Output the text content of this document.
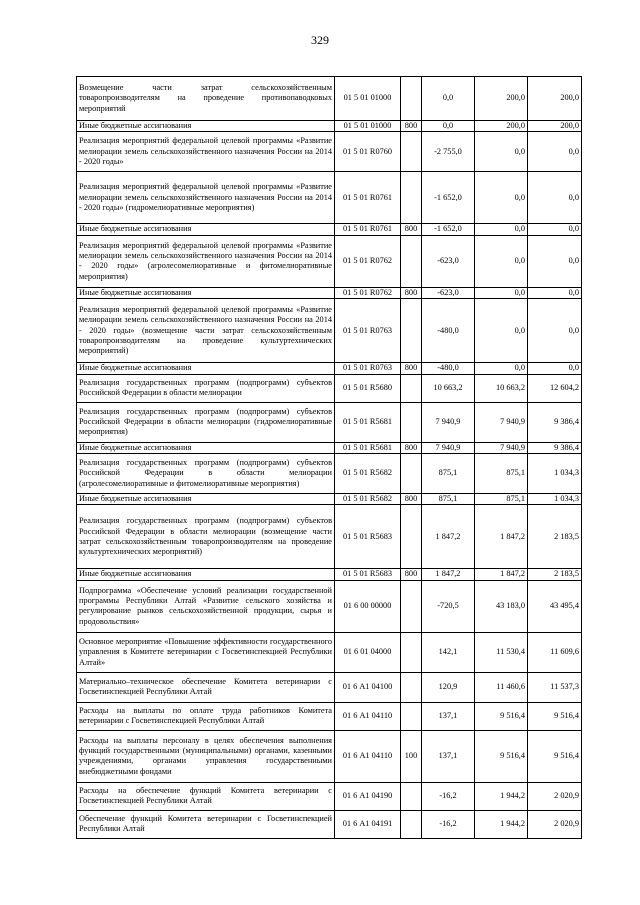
329
Возмещение части затрат сельскохозяйственным товаропроизводителям на проведение противопаводковых мероприятий	01 5 01 01000		0,0	200,0	200,0
Иные бюджетные ассигнования	01 5 01 01000	800	0,0	200,0	200,0
Реализация мероприятий федеральной целевой программы «Развитие мелиорации земель сельскохозяйственного назначения России на 2014 - 2020 годы»	01 5 01 R0760		-2 755,0	0,0	0,0
Реализация мероприятий федеральной целевой программы «Развитие мелиорации земель сельскохозяйственного назначения России на 2014 - 2020 годы» (гидромелиоративные мероприятия)	01 5 01 R0761		-1 652,0	0,0	0,0
Иные бюджетные ассигнования	01 5 01 R0761	800	-1 652,0	0,0	0,0
Реализация мероприятий федеральной целевой программы «Развитие мелиорации земель сельскохозяйственного назначения России на 2014 - 2020 годы» (агролесомелиоративные и фитомелиоративные мероприятия)	01 5 01 R0762		-623,0	0,0	0,0
Иные бюджетные ассигнования	01 5 01 R0762	800	-623,0	0,0	0,0
Реализация мероприятий федеральной целевой программы «Развитие мелиорации земель сельскохозяйственного назначения России на 2014 - 2020 годы» (возмещение части затрат сельскохозяйственным товаропроизводителям на проведение культуртехнических мероприятий)	01 5 01 R0763		-480,0	0,0	0,0
Иные бюджетные ассигнования	01 5 01 R0763	800	-480,0	0,0	0,0
Реализация государственных программ (подпрограмм) субъектов Российской Федерации в области мелиорации	01 5 01 R5680		10 663,2	10 663,2	12 604,2
Реализация государственных программ (подпрограмм) субъектов Российской Федерации в области мелиорации (гидромелиоративные мероприятия)	01 5 01 R5681		7 940,9	7 940,9	9 386,4
Иные бюджетные ассигнования	01 5 01 R5681	800	7 940,9	7 940,9	9 386,4
Реализация государственных программ (подпрограмм) субъектов Российской Федерации в области мелиорации (агролесомелиоративные и фитомелиоративные мероприятия)	01 5 01 R5682		875,1	875,1	1 034,3
Иные бюджетные ассигнования	01 5 01 R5682	800	875,1	875,1	1 034,3
Реализация государственных программ (подпрограмм) субъектов Российской Федерации в области мелиорации (возмещение части затрат сельскохозяйственным товаропроизводителям на проведение культуртехнических мероприятий)	01 5 01 R5683		1 847,2	1 847,2	2 183,5
Иные бюджетные ассигнования	01 5 01 R5683	800	1 847,2	1 847,2	2 183,5
Подпрограмма «Обеспечение условий реализации государственной программы Республики Алтай «Развитие сельского хозяйства и регулирование рынков сельскохозяйственной продукции, сырья и продовольствия»	01 6 00 00000		-720,5	43 183,0	43 495,4
Основное мероприятие «Повышение эффективности государственного управления в Комитете ветеринарии с Госветинспекцией Республики Алтай»	01 6 01 04000		142,1	11 530,4	11 609,6
Материально–техническое обеспечение Комитета ветеринарии с Госветинспекцией Республики Алтай	01 6 А1 04100		120,9	11 460,6	11 537,3
Расходы на выплаты по оплате труда работников Комитета ветеринарии с Госветинспекцией Республики Алтай	01 6 А1 04110		137,1	9 516,4	9 516,4
Расходы на выплаты персоналу в целях обеспечения выполнения функций государственными (муниципальными) органами, казенными учреждениями, органами управления государственными внебюджетными фондами	01 6 А1 04110	100	137,1	9 516,4	9 516,4
Расходы на обеспечение функций Комитета ветеринарии с Госветинспекцией Республики Алтай	01 6 А1 04190		-16,2	1 944,2	2 020,9
Обеспечение функций Комитета ветеринарии с Госветинспекцией Республики Алтай	01 6 А1 04191		-16,2	1 944,2	2 020,9
